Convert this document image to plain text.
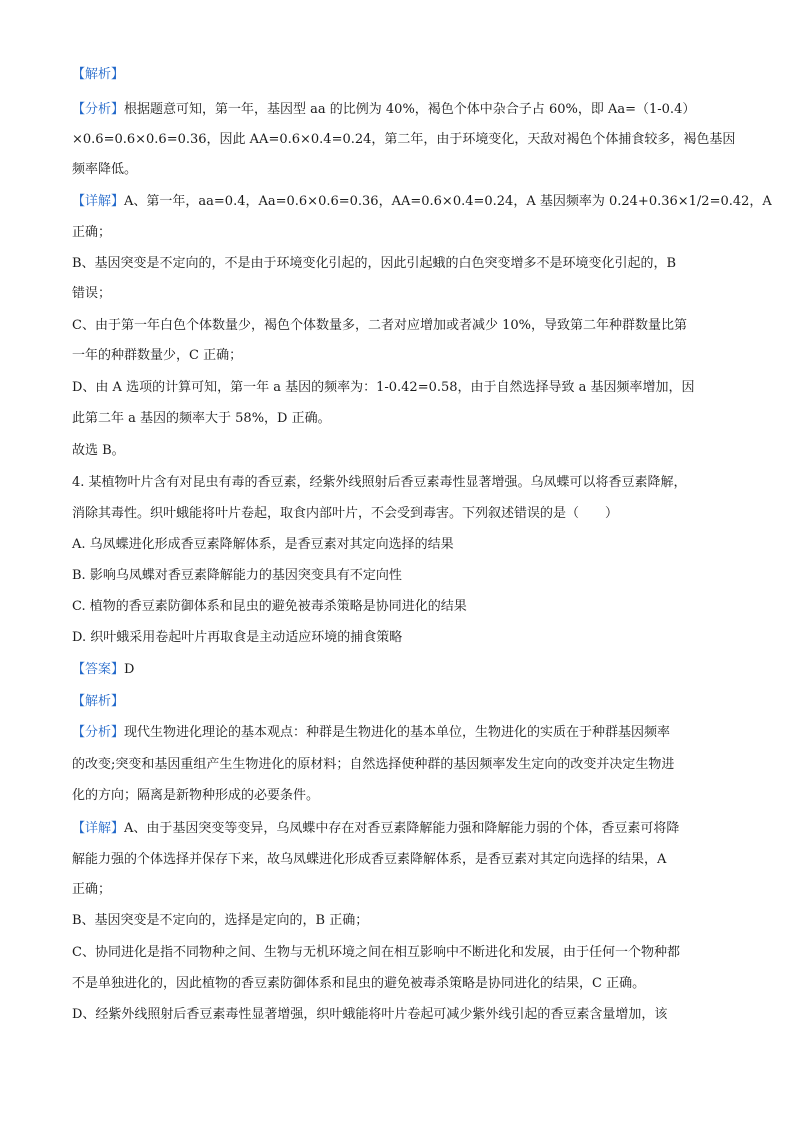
【解析】
【分析】根据题意可知，第一年，基因型 aa 的比例为 40%，褐色个体中杂合子占 60%，即 Aa=（1-0.4）
×0.6=0.6×0.6=0.36，因此 AA=0.6×0.4=0.24，第二年，由于环境变化，天敌对褐色个体捕食较多，褐色基因
频率降低。
【详解】A、第一年，aa=0.4，Aa=0.6×0.6=0.36，AA=0.6×0.4=0.24，A 基因频率为 0.24+0.36×1/2=0.42，A
正确；
B、基因突变是不定向的，不是由于环境变化引起的，因此引起蛾的白色突变增多不是环境变化引起的，B
错误；
C、由于第一年白色个体数量少，褐色个体数量多，二者对应增加或者减少 10%，导致第二年种群数量比第
一年的种群数量少，C 正确；
D、由 A 选项的计算可知，第一年 a 基因的频率为：1-0.42=0.58，由于自然选择导致 a 基因频率增加，因
此第二年 a 基因的频率大于 58%，D 正确。
故选 B。
4. 某植物叶片含有对昆虫有毒的香豆素，经紫外线照射后香豆素毒性显著增强。乌凤蝶可以将香豆素降解，
消除其毒性。织叶蛾能将叶片卷起，取食内部叶片，不会受到毒害。下列叙述错误的是（　　）
A. 乌凤蝶进化形成香豆素降解体系，是香豆素对其定向选择的结果
B. 影响乌凤蝶对香豆素降解能力的基因突变具有不定向性
C. 植物的香豆素防御体系和昆虫的避免被毒杀策略是协同进化的结果
D. 织叶蛾采用卷起叶片再取食是主动适应环境的捕食策略
【答案】D
【解析】
【分析】现代生物进化理论的基本观点：种群是生物进化的基本单位，生物进化的实质在于种群基因频率
的改变;突变和基因重组产生生物进化的原材料；自然选择使种群的基因频率发生定向的改变并决定生物进
化的方向；隔离是新物种形成的必要条件。
【详解】A、由于基因突变等变异，乌凤蝶中存在对香豆素降解能力强和降解能力弱的个体，香豆素可将降
解能力强的个体选择并保存下来，故乌凤蝶进化形成香豆素降解体系，是香豆素对其定向选择的结果，A
正确；
B、基因突变是不定向的，选择是定向的，B 正确；
C、协同进化是指不同物种之间、生物与无机环境之间在相互影响中不断进化和发展，由于任何一个物种都
不是单独进化的，因此植物的香豆素防御体系和昆虫的避免被毒杀策略是协同进化的结果，C 正确。
D、经紫外线照射后香豆素毒性显著增强，织叶蛾能将叶片卷起可减少紫外线引起的香豆素含量增加，该
